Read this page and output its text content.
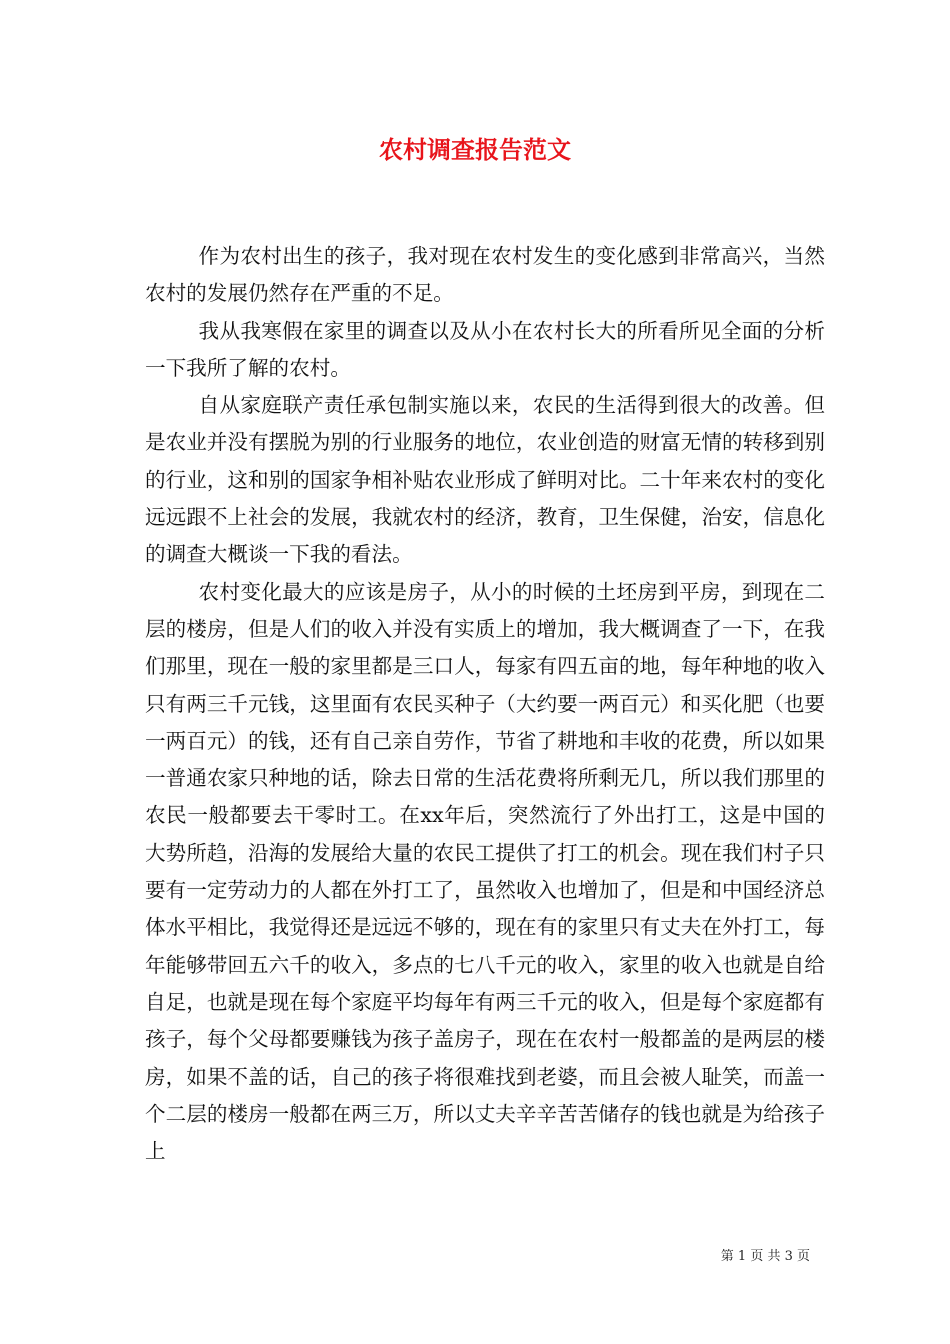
农村调查报告范文

作为农村出生的孩子，我对现在农村发生的变化感到非常高兴，当然农村的发展仍然存在严重的不足。

我从我寒假在家里的调查以及从小在农村长大的所看所见全面的分析一下我所了解的农村。

自从家庭联产责任承包制实施以来，农民的生活得到很大的改善。但是农业并没有摆脱为别的行业服务的地位，农业创造的财富无情的转移到别的行业，这和别的国家争相补贴农业形成了鲜明对比。二十年来农村的变化远远跟不上社会的发展，我就农村的经济，教育，卫生保健，治安，信息化的调查大概谈一下我的看法。

农村变化最大的应该是房子，从小的时候的土坯房到平房，到现在二层的楼房，但是人们的收入并没有实质上的增加，我大概调查了一下，在我们那里，现在一般的家里都是三口人，每家有四五亩的地，每年种地的收入只有两三千元钱，这里面有农民买种子（大约要一两百元）和买化肥（也要一两百元）的钱，还有自己亲自劳作，节省了耕地和丰收的花费，所以如果一普通农家只种地的话，除去日常的生活花费将所剩无几，所以我们那里的农民一般都要去干零时工。在xx年后，突然流行了外出打工，这是中国的大势所趋，沿海的发展给大量的农民工提供了打工的机会。现在我们村子只要有一定劳动力的人都在外打工了，虽然收入也增加了，但是和中国经济总体水平相比，我觉得还是远远不够的，现在有的家里只有丈夫在外打工，每年能够带回五六千的收入，多点的七八千元的收入，家里的收入也就是自给自足，也就是现在每个家庭平均每年有两三千元的收入，但是每个家庭都有孩子，每个父母都要赚钱为孩子盖房子，现在在农村一般都盖的是两层的楼房，如果不盖的话，自己的孩子将很难找到老婆，而且会被人耻笑，而盖一个二层的楼房一般都在两三万，所以丈夫辛辛苦苦储存的钱也就是为给孩子上

第 1 页 共 3 页
